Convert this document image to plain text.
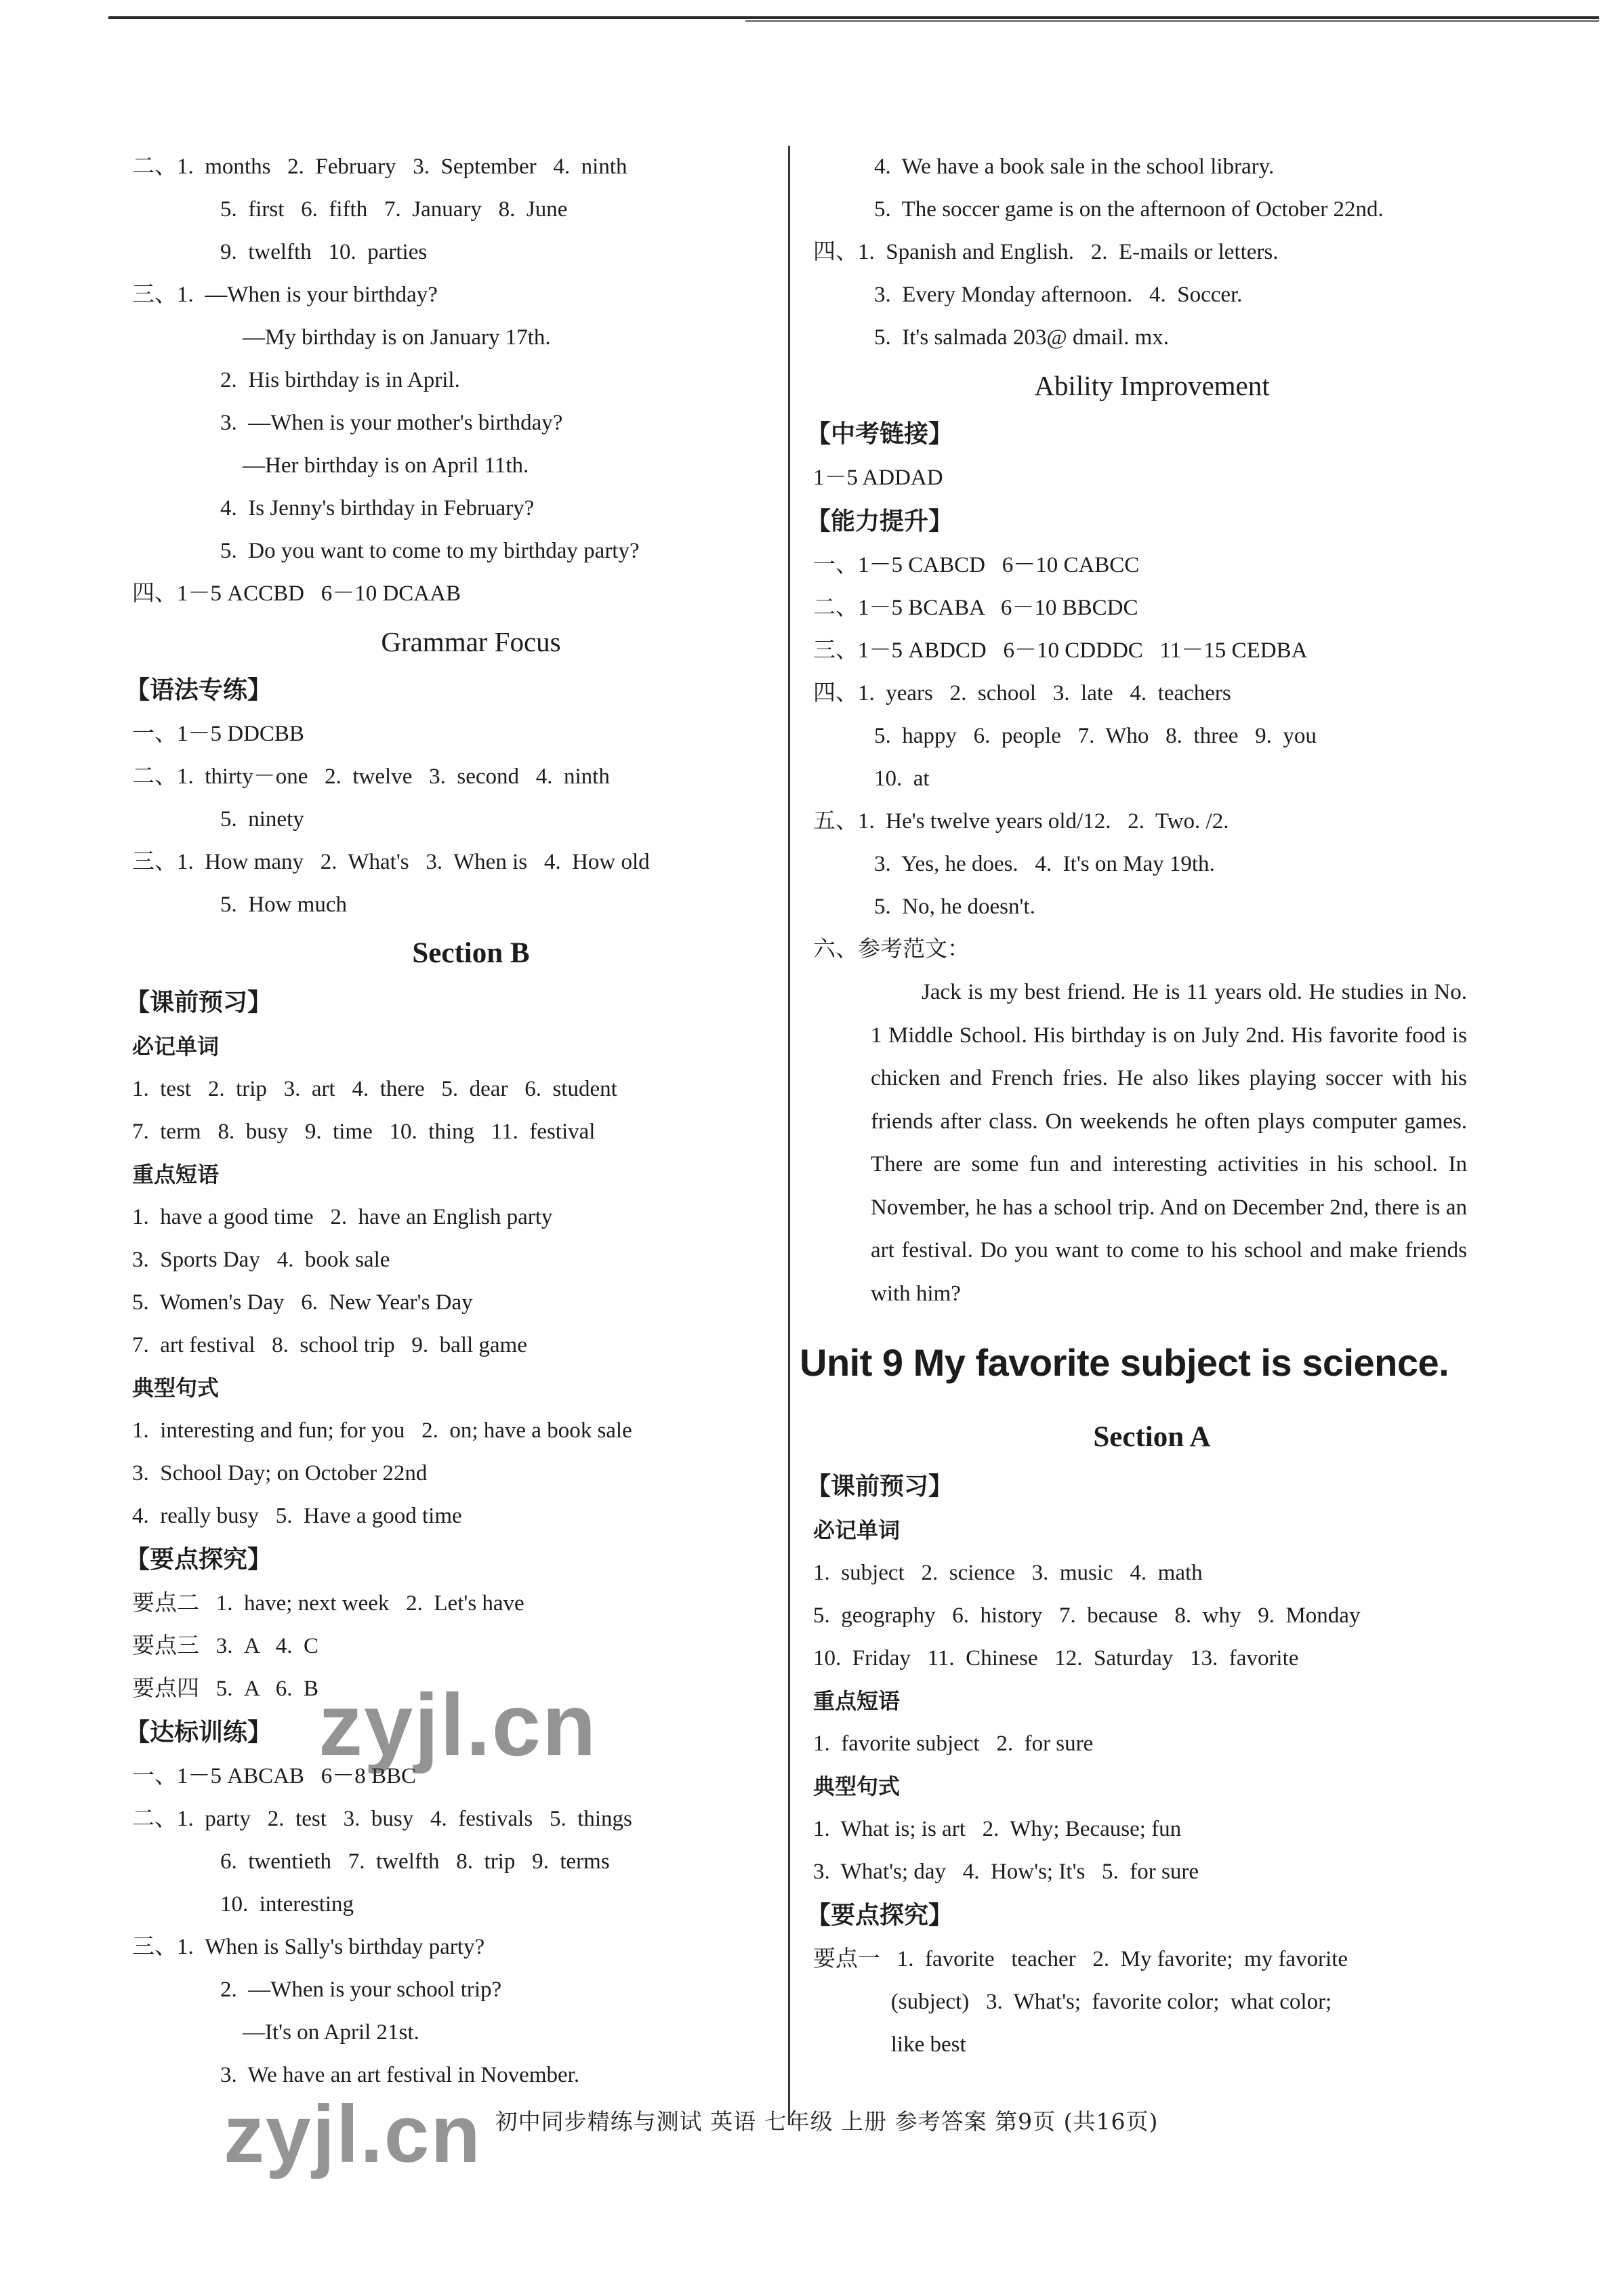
二、1.  months   2.  February   3.  September   4.  ninth
5.  first   6.  fifth   7.  January   8.  June
9.  twelfth   10.  parties
三、1.  —When is your birthday?
—My birthday is on January 17th.
2.  His birthday is in April.
3.  —When is your mother's birthday?
—Her birthday is on April 11th.
4.  Is Jenny's birthday in February?
5.  Do you want to come to my birthday party?
四、1－5 ACCBD   6－10 DCAAB
Grammar Focus
【语法专练】
一、1－5 DDCBB
二、1.  thirty－one   2.  twelve   3.  second   4.  ninth
5.  ninety
三、1.  How many   2.  What's   3.  When is   4.  How old
5.  How much
Section B
【课前预习】
必记单词
1.  test   2.  trip   3.  art   4.  there   5.  dear   6.  student
7.  term   8.  busy   9.  time   10.  thing   11.  festival
重点短语
1.  have a good time   2.  have an English party
3.  Sports Day   4.  book sale
5.  Women's Day   6.  New Year's Day
7.  art festival   8.  school trip   9.  ball game
典型句式
1.  interesting and fun; for you   2.  on; have a book sale
3.  School Day; on October 22nd
4.  really busy   5.  Have a good time
【要点探究】
要点二   1.  have; next week   2.  Let's have
要点三   3.  A   4.  C
要点四   5.  A   6.  B
【达标训练】
一、1－5 ABCAB   6－8 BBC
二、1.  party   2.  test   3.  busy   4.  festivals   5.  things
6.  twentieth   7.  twelfth   8.  trip   9.  terms
10.  interesting
三、1.  When is Sally's birthday party?
2.  —When is your school trip?
—It's on April 21st.
3.  We have an art festival in November.
4.  We have a book sale in the school library.
5.  The soccer game is on the afternoon of October 22nd.
四、1.  Spanish and English.   2.  E-mails or letters.
3.  Every Monday afternoon.   4.  Soccer.
5.  It's salmada 203@ dmail. mx.
Ability Improvement
【中考链接】
1－5 ADDAD
【能力提升】
一、1－5 CABCD   6－10 CABCC
二、1－5 BCABA   6－10 BBCDC
三、1－5 ABDCD   6－10 CDDDC   11－15 CEDBA
四、1.  years   2.  school   3.  late   4.  teachers
5.  happy   6.  people   7.  Who   8.  three   9.  you
10.  at
五、1.  He's twelve years old/12.   2.  Two. /2.
3.  Yes, he does.   4.  It's on May 19th.
5.  No, he doesn't.
六、参考范文：
Jack is my best friend. He is 11 years old. He studies in No. 1 Middle School. His birthday is on July 2nd. His favorite food is chicken and French fries. He also likes playing soccer with his friends after class. On weekends he often plays computer games. There are some fun and interesting activities in his school. In November, he has a school trip. And on December 2nd, there is an art festival. Do you want to come to his school and make friends with him?
Unit 9 My favorite subject is science.
Section A
【课前预习】
必记单词
1.  subject   2.  science   3.  music   4.  math
5.  geography   6.  history   7.  because   8.  why   9.  Monday
10.  Friday   11.  Chinese   12.  Saturday   13.  favorite
重点短语
1.  favorite subject   2.  for sure
典型句式
1.  What is; is art   2.  Why; Because; fun
3.  What's; day   4.  How's; It's   5.  for sure
【要点探究】
要点一   1.  favorite   teacher   2.  My favorite;  my favorite
(subject)   3.  What's;  favorite color;  what color;
like best
初中同步精练与测试 英语 七年级 上册 参考答案 第9页 (共16页)
zyjl.cn
zyjl.cn
